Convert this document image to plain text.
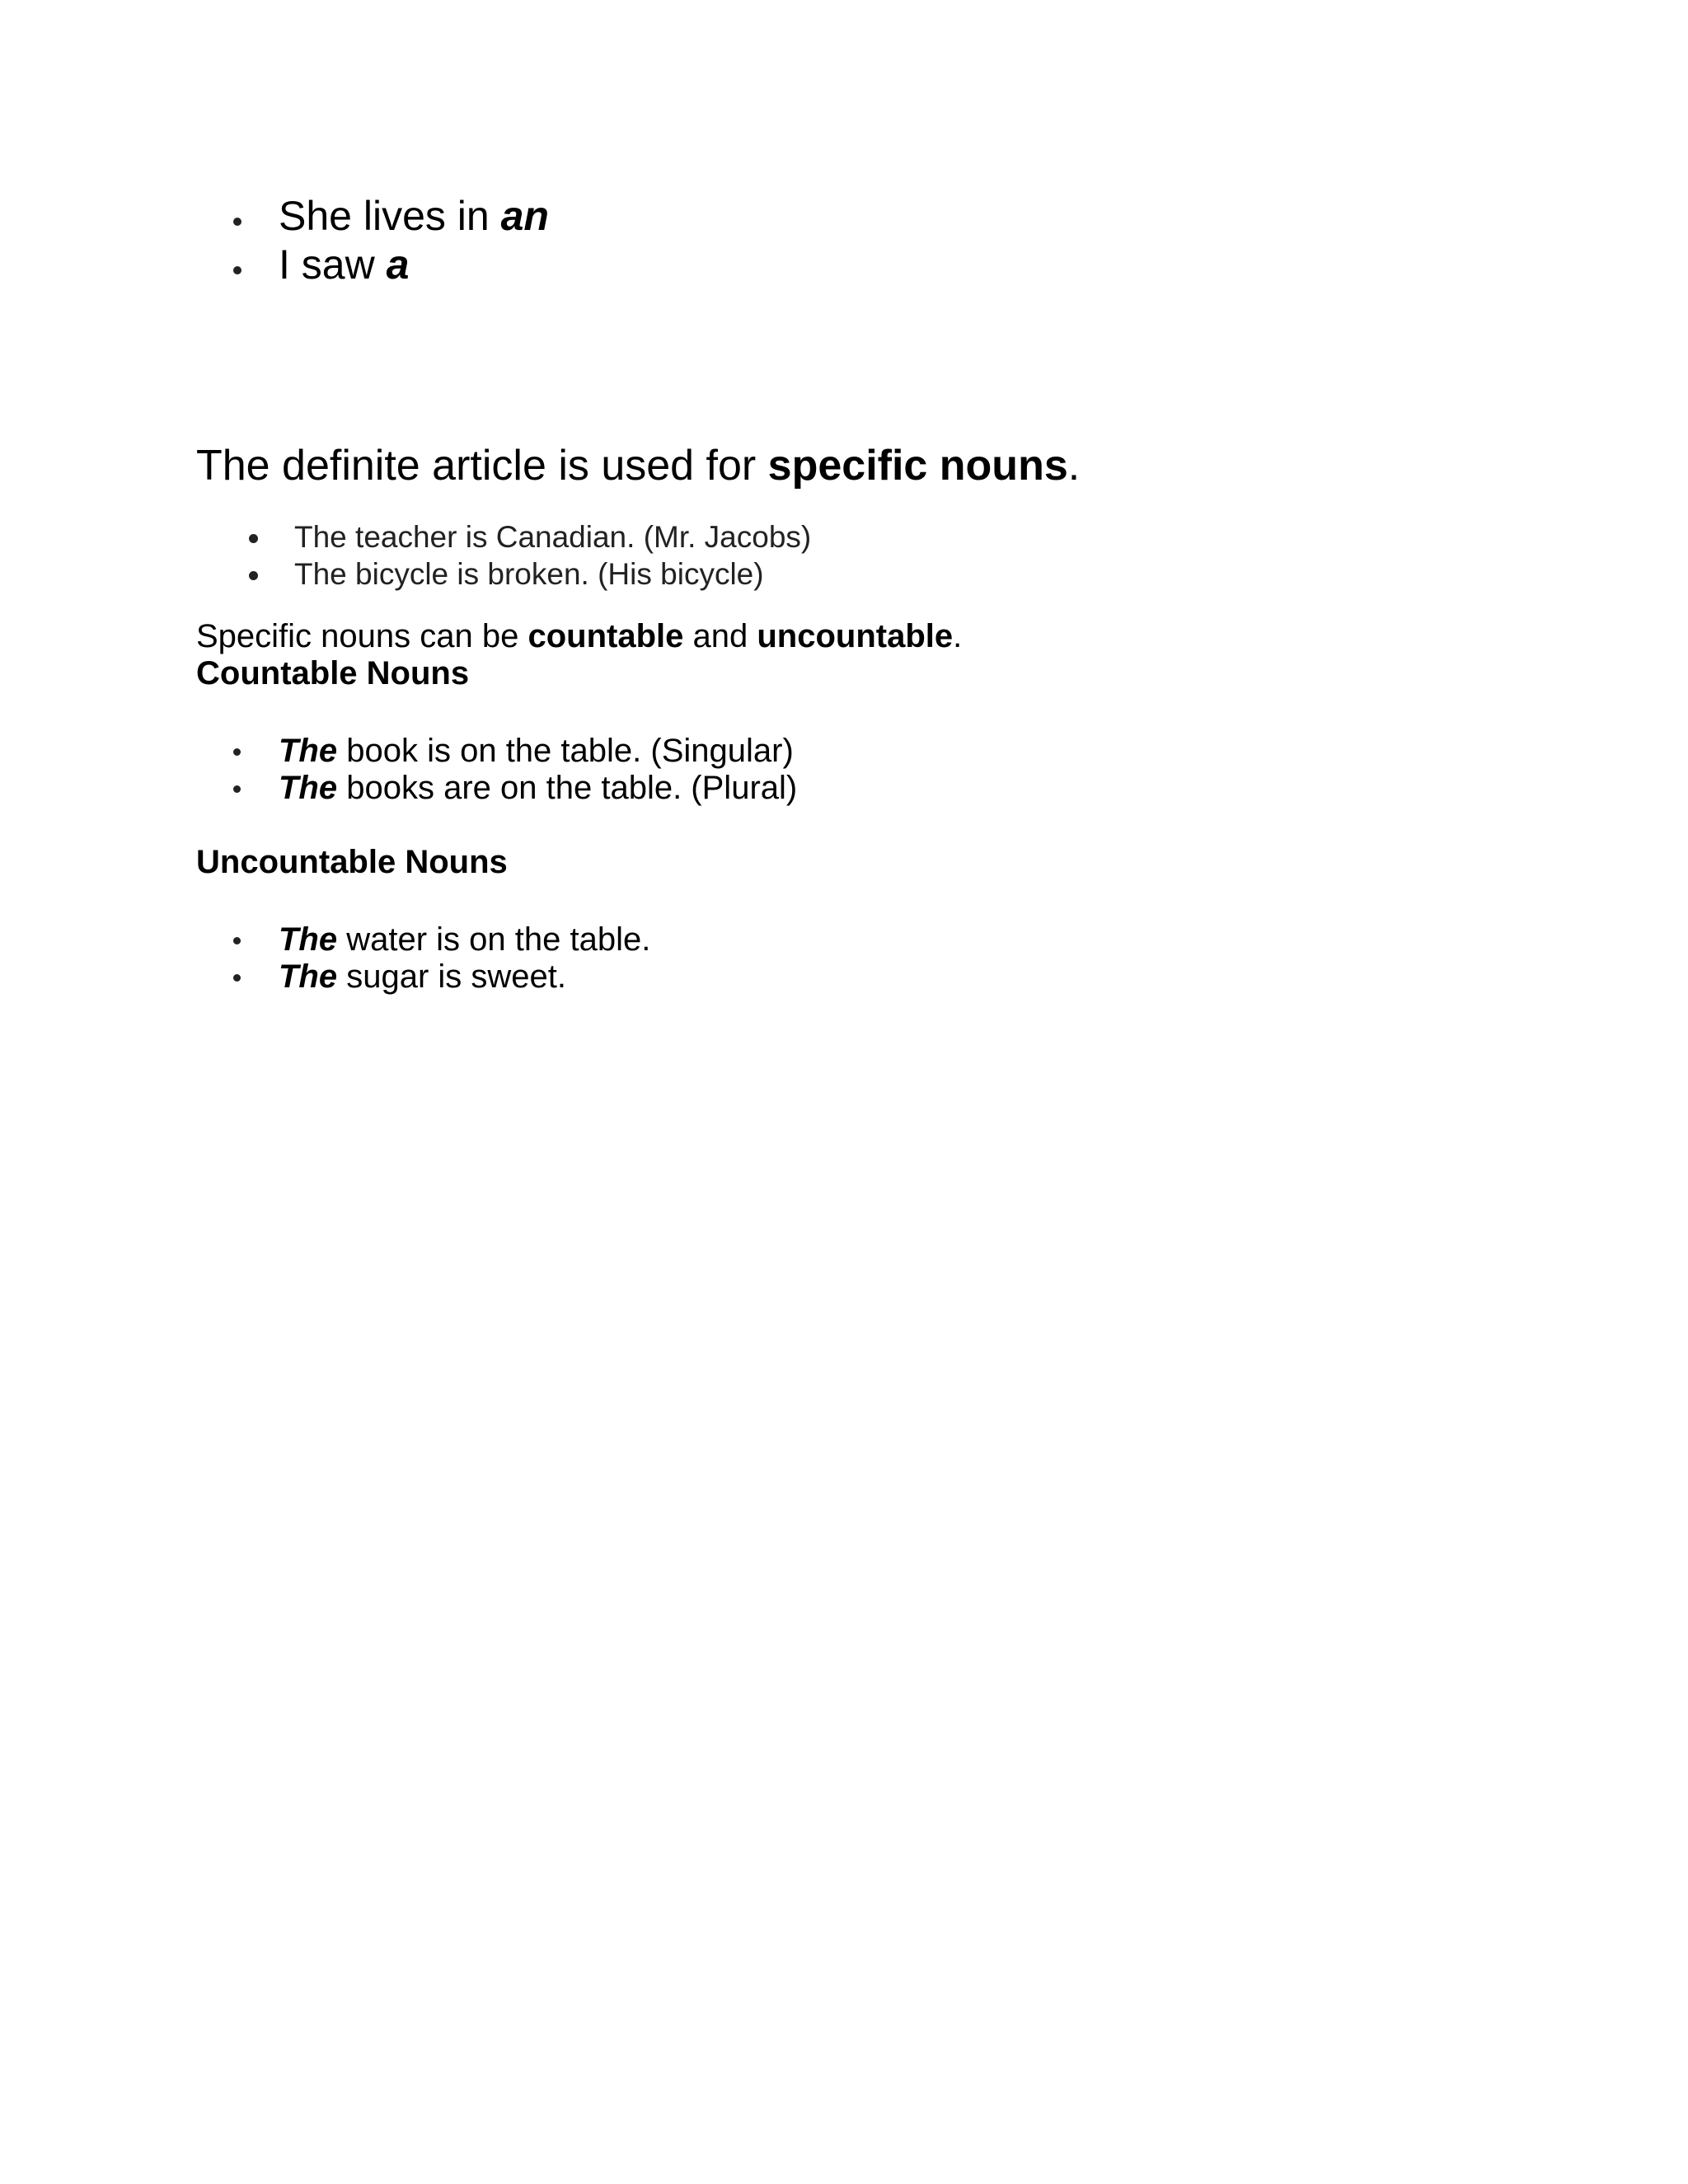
She lives in an
I saw a
The definite article is used for specific nouns.
The teacher is Canadian. (Mr. Jacobs)
The bicycle is broken. (His bicycle)
Specific nouns can be countable and uncountable.
Countable Nouns
The book is on the table. (Singular)
The books are on the table. (Plural)
Uncountable Nouns
The water is on the table.
The sugar is sweet.
